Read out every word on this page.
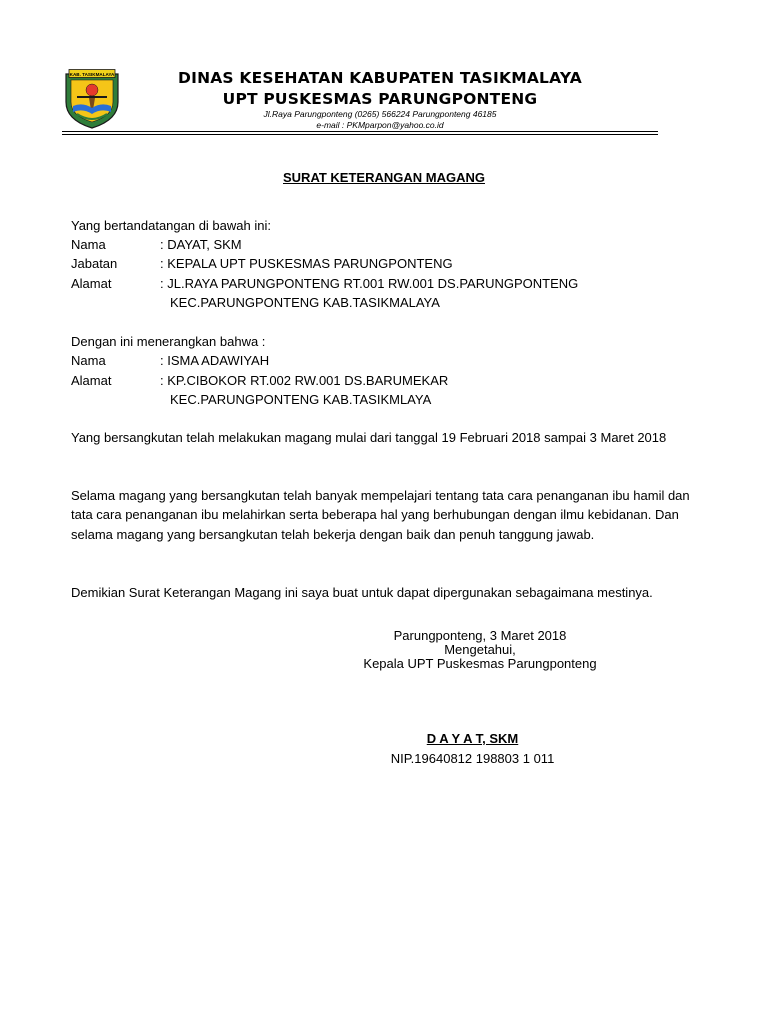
KAB. TASIKMALAYA	DINAS KESEHATAN KABUPATEN TASIKMALAYA
UPT PUSKESMAS PARUNGPONTENG
Jl.Raya Parungponteng (0265) 566224 Parungponteng 46185
e-mail : PKMparpon@yahoo.co.id
SURAT KETERANGAN MAGANG
Yang bertandatangan di bawah ini:
Nama	: DAYAT, SKM
Jabatan	: KEPALA UPT PUSKESMAS PARUNGPONTENG
Alamat	: JL.RAYA PARUNGPONTENG RT.001 RW.001 DS.PARUNGPONTENG
KEC.PARUNGPONTENG KAB.TASIKMALAYA
Dengan ini menerangkan bahwa :
Nama	: ISMA ADAWIYAH
Alamat	: KP.CIBOKOR RT.002 RW.001 DS.BARUMEKAR
KEC.PARUNGPONTENG KAB.TASIKMLAYA
Yang bersangkutan telah melakukan magang mulai dari tanggal 19 Februari 2018 sampai 3 Maret 2018
Selama magang yang bersangkutan telah banyak mempelajari tentang tata cara penanganan ibu hamil dan tata cara penanganan ibu melahirkan serta beberapa hal yang berhubungan dengan ilmu kebidanan. Dan selama magang yang bersangkutan telah bekerja dengan baik dan penuh tanggung jawab.
Demikian Surat Keterangan Magang ini saya buat untuk dapat dipergunakan sebagaimana mestinya.
Parungponteng, 3 Maret 2018
Mengetahui,
Kepala UPT Puskesmas Parungponteng
D A Y A T, SKM
NIP.19640812 198803 1 011
